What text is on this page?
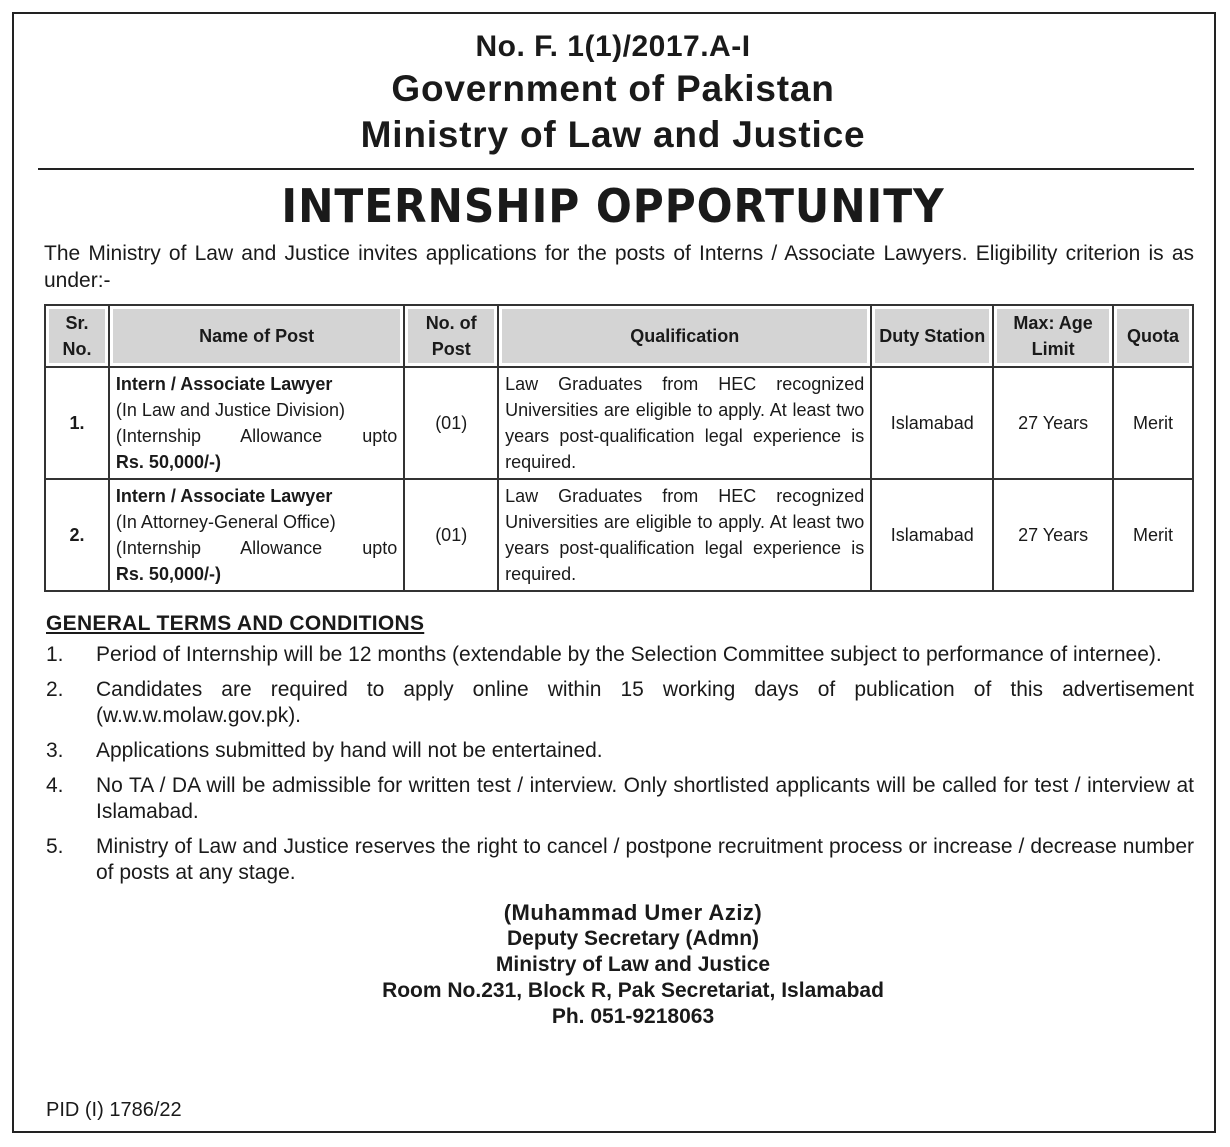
No. F. 1(1)/2017.A-I
Government of Pakistan
Ministry of Law and Justice
INTERNSHIP OPPORTUNITY
The Ministry of Law and Justice invites applications for the posts of Interns / Associate Lawyers. Eligibility criterion is as under:-
Sr. No.	Name of Post	No. of Post	Qualification	Duty Station	Max: Age Limit	Quota
1.	Intern / Associate Lawyer
(In Law and Justice Division)
(Internship Allowance upto
Rs. 50,000/-)	(01)	Law Graduates from HEC recognized Universities are eligible to apply. At least two years post-qualification legal experience is required.	Islamabad	27 Years	Merit
2.	Intern / Associate Lawyer
(In Attorney-General Office)
(Internship Allowance upto
Rs. 50,000/-)	(01)	Law Graduates from HEC recognized Universities are eligible to apply. At least two years post-qualification legal experience is required.	Islamabad	27 Years	Merit
GENERAL TERMS AND CONDITIONS
1.	Period of Internship will be 12 months (extendable by the Selection Committee subject to performance of internee).
2.	Candidates are required to apply online within 15 working days of publication of this advertisement (w.w.w.molaw.gov.pk).
3.	Applications submitted by hand will not be entertained.
4.	No TA / DA will be admissible for written test / interview. Only shortlisted applicants will be called for test / interview at Islamabad.
5.	Ministry of Law and Justice reserves the right to cancel / postpone recruitment process or increase / decrease number of posts at any stage.
(Muhammad Umer Aziz)
Deputy Secretary (Admn)
Ministry of Law and Justice
Room No.231, Block R, Pak Secretariat, Islamabad
Ph. 051-9218063
PID (I) 1786/22
